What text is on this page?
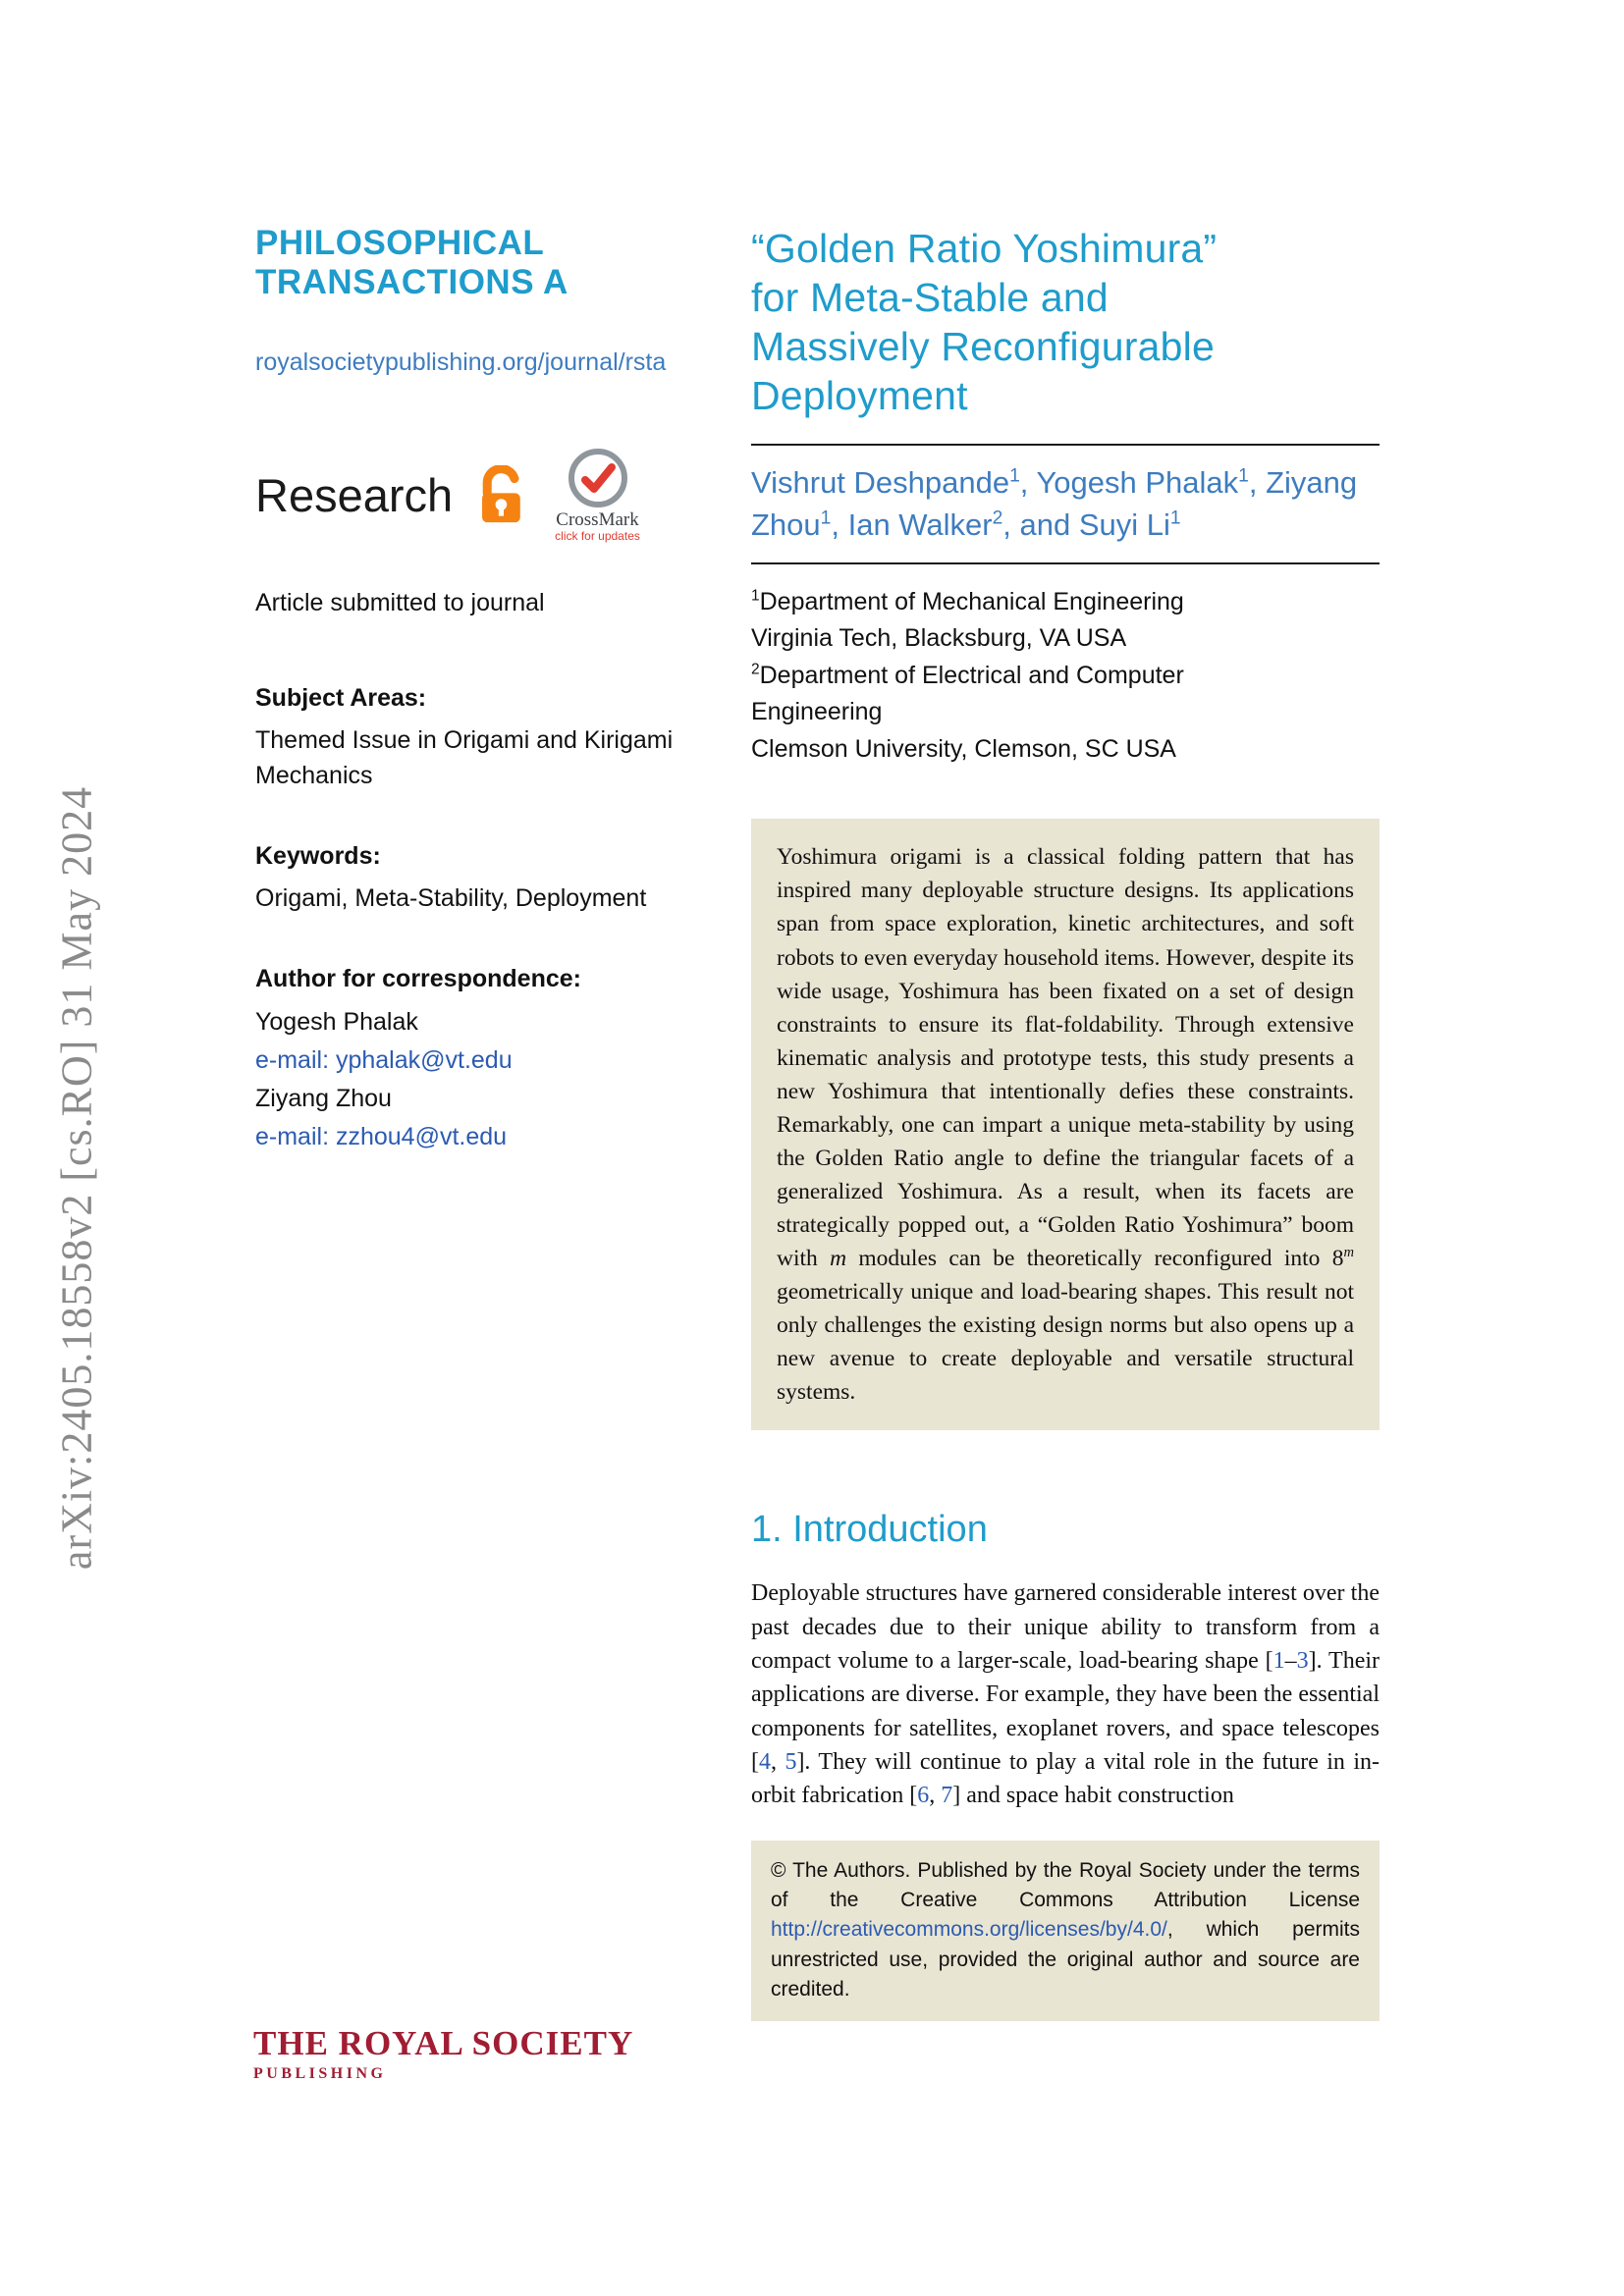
arXiv:2405.18558v2 [cs.RO] 31 May 2024
PHILOSOPHICAL
TRANSACTIONS A
royalsocietypublishing.org/journal/rsta
Research	CrossMark
click for updates
Article submitted to journal
Subject Areas:
Themed Issue in Origami and Kirigami Mechanics
Keywords:
Origami, Meta-Stability, Deployment
Author for correspondence:
Yogesh Phalak
e-mail: yphalak@vt.edu
Ziyang Zhou
e-mail: zzhou4@vt.edu
THE ROYAL SOCIETY
PUBLISHING
“Golden Ratio Yoshimura”
for Meta-Stable and
Massively Reconfigurable
Deployment
Vishrut Deshpande$^1$, Yogesh Phalak$^1$, Ziyang Zhou$^1$, Ian Walker$^2$, and Suyi Li$^1$
$^1$Department of Mechanical Engineering
Virginia Tech, Blacksburg, VA USA
$^2$Department of Electrical and Computer
Engineering
Clemson University, Clemson, SC USA
Yoshimura origami is a classical folding pattern that has inspired many deployable structure designs. Its applications span from space exploration, kinetic architectures, and soft robots to even everyday household items. However, despite its wide usage, Yoshimura has been fixated on a set of design constraints to ensure its flat-foldability. Through extensive kinematic analysis and prototype tests, this study presents a new Yoshimura that intentionally defies these constraints. Remarkably, one can impart a unique meta-stability by using the Golden Ratio angle to define the triangular facets of a generalized Yoshimura. As a result, when its facets are strategically popped out, a “Golden Ratio Yoshimura” boom with m modules can be theoretically reconfigured into 8$^m$ geometrically unique and load-bearing shapes. This result not only challenges the existing design norms but also opens up a new avenue to create deployable and versatile structural systems.
1. Introduction
Deployable structures have garnered considerable interest over the past decades due to their unique ability to transform from a compact volume to a larger-scale, load-bearing shape [1–3]. Their applications are diverse. For example, they have been the essential components for satellites, exoplanet rovers, and space telescopes [4, 5]. They will continue to play a vital role in the future in in-orbit fabrication [6, 7] and space habit construction
© The Authors. Published by the Royal Society under the terms of the Creative Commons Attribution License http://creativecommons.org/licenses/by/4.0/, which permits unrestricted use, provided the original author and source are credited.
